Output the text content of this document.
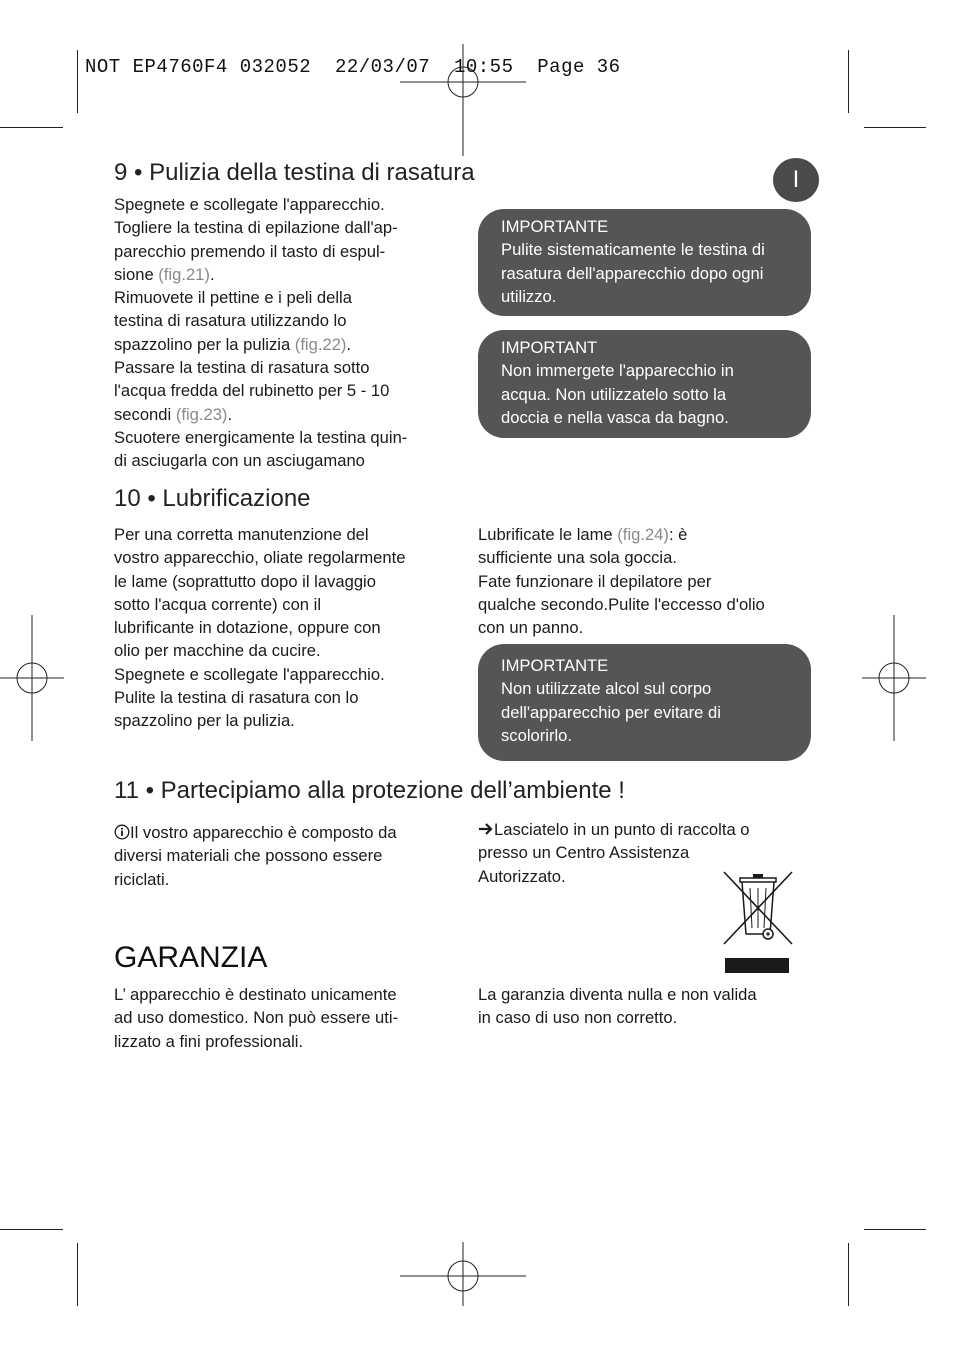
NOT EP4760F4 032052  22/03/07  10:55  Page 36
I
9 • Pulizia della testina di rasatura

Spegnete e scollegate l'apparecchio.

Togliere la testina di epilazione dall'ap-

parecchio premendo il tasto di espul-

sione (fig.21).

Rimuovete il pettine e i peli della

testina di rasatura utilizzando lo

spazzolino per la pulizia (fig.22).

Passare la testina di rasatura sotto

l'acqua fredda del rubinetto per 5 - 10

secondi (fig.23).

Scuotere energicamente la testina quin-

di asciugarla con un asciugamano

IMPORTANTE

Pulite sistematicamente le testina di

rasatura dell'apparecchio dopo ogni

utilizzo.

IMPORTANT

Non immergete l'apparecchio in

acqua. Non utilizzatelo sotto la

doccia e nella vasca da bagno.

10 • Lubrificazione

Per una corretta manutenzione del

vostro apparecchio, oliate regolarmente

le lame (soprattutto dopo il lavaggio

sotto l'acqua corrente) con il

lubrificante in dotazione, oppure con

olio per macchine da cucire.

Spegnete e scollegate l'apparecchio.

Pulite la testina di rasatura con lo

spazzolino per la pulizia.

Lubrificate le lame (fig.24): è

sufficiente una sola goccia.

Fate funzionare il depilatore per

qualche secondo.Pulite l'eccesso d'olio

con un panno.

IMPORTANTE

Non utilizzate alcol sul corpo

dell'apparecchio per evitare di

scolorirlo.

11 • Partecipiamo alla protezione dell’ambiente !

Il vostro apparecchio è composto da

diversi materiali che possono essere

riciclati.

Lasciatelo in un punto di raccolta o

presso un Centro Assistenza

Autorizzato.

GARANZIA

L’ apparecchio è destinato unicamente

ad uso domestico. Non può essere uti-

lizzato a fini professionali.

La garanzia diventa nulla e non valida

in caso di uso non corretto.
